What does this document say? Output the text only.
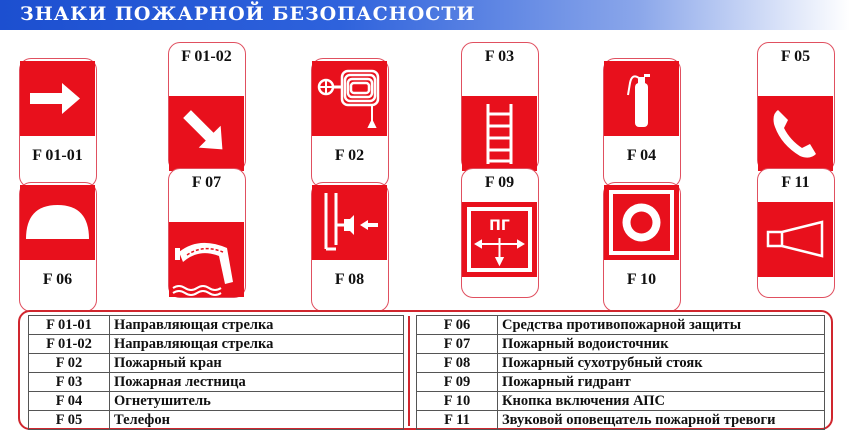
ЗНАКИ ПОЖАРНОЙ БЕЗОПАСНОСТИ
F 01-01
F 01-02
F 02
F 03
F 04
F 05
F 06
F 07
F 08
F 09
ПГ
F 10
F 11
F 01-01	Направляющая стрелка
F 01-02	Направляющая стрелка
F 02	Пожарный кран
F 03	Пожарная лестница
F 04	Огнетушитель
F 05	Телефон
F 06	Средства противопожарной защиты
F 07	Пожарный водоисточник
F 08	Пожарный сухотрубный стояк
F 09	Пожарный гидрант
F 10	Кнопка включения АПС
F 11	Звуковой оповещатель пожарной тревоги
